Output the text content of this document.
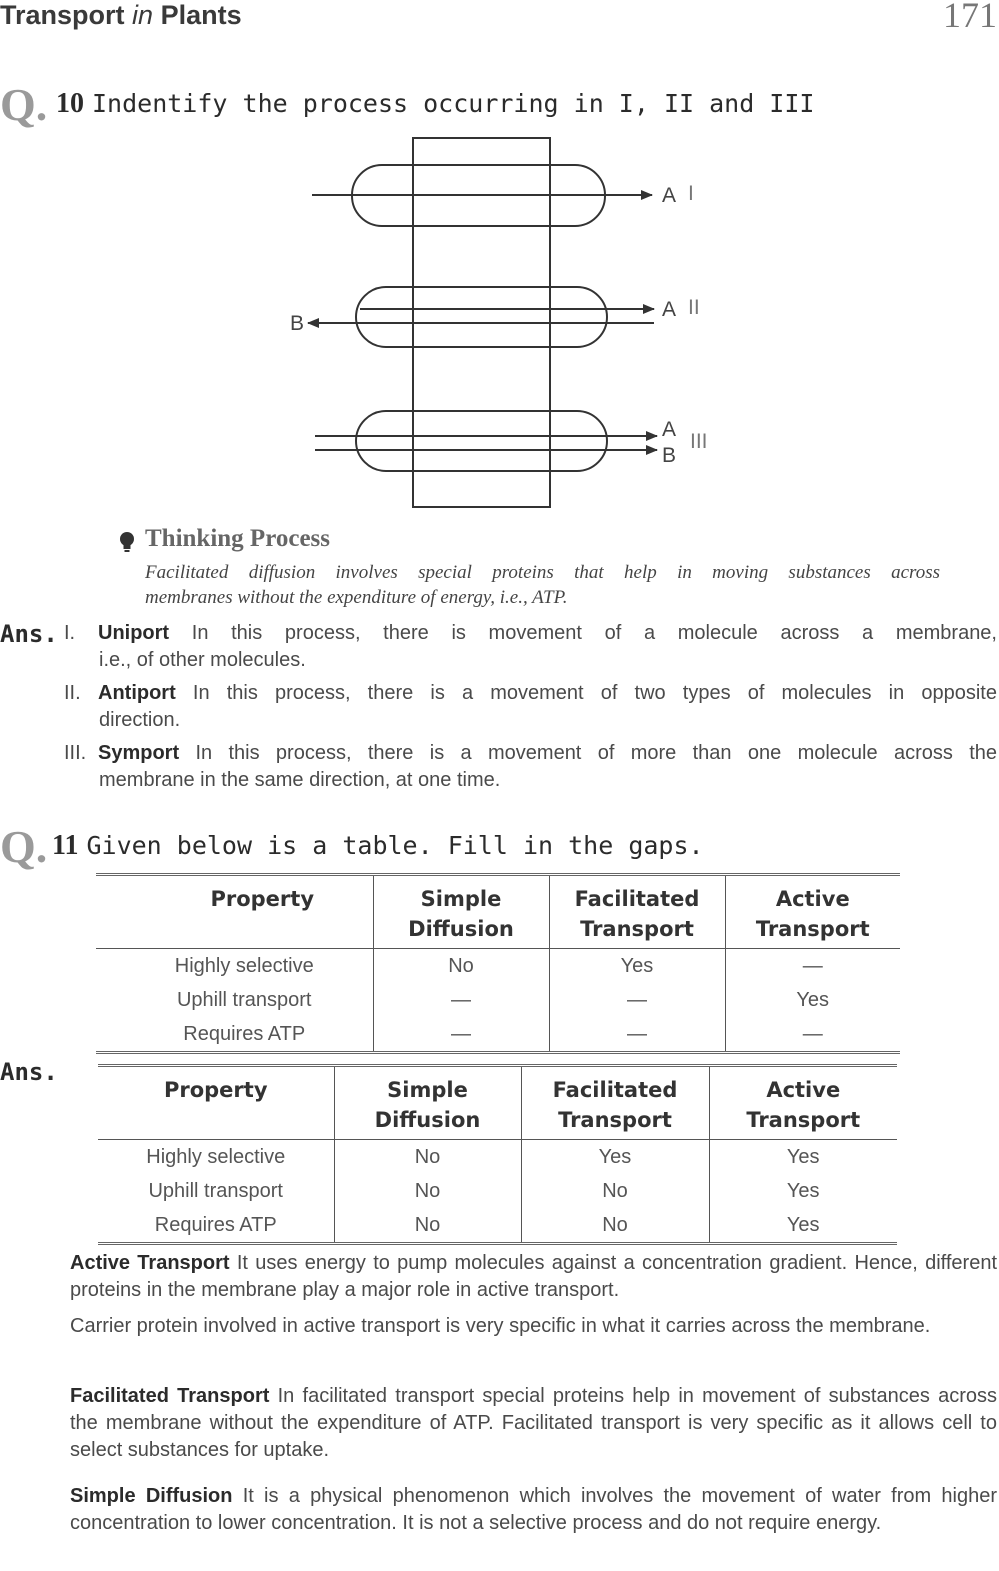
Transport in Plants	171
Q. 10 Indentify the process occurring in I, II and III
A I
A II
B
A
B
III
Thinking Process
Facilitated diffusion involves special proteins that help in moving substances across
membranes without the expenditure of energy, i.e., ATP.
Ans. I. Uniport In this process, there is movement of a molecule across a membrane,
i.e., of other molecules.
II. Antiport In this process, there is a movement of two types of molecules in opposite
direction.
III. Symport In this process, there is a movement of more than one molecule across the
membrane in the same direction, at one time.
Q. 11 Given below is a table. Fill in the gaps.
Property	Simple Diffusion	Facilitated Transport	Active Transport
Highly selective	No	Yes	—
Uphill transport	—	—	Yes
Requires ATP	—	—	—
Ans.
Property	Simple Diffusion	Facilitated Transport	Active Transport
Highly selective	No	Yes	Yes
Uphill transport	No	No	Yes
Requires ATP	No	No	Yes
Active Transport It uses energy to pump molecules against a concentration gradient. Hence, different proteins in the membrane play a major role in active transport.
Carrier protein involved in active transport is very specific in what it carries across the membrane.
Facilitated Transport In facilitated transport special proteins help in movement of substances across the membrane without the expenditure of ATP. Facilitated transport is very specific as it allows cell to select substances for uptake.
Simple Diffusion It is a physical phenomenon which involves the movement of water from higher concentration to lower concentration. It is not a selective process and do not require energy.
